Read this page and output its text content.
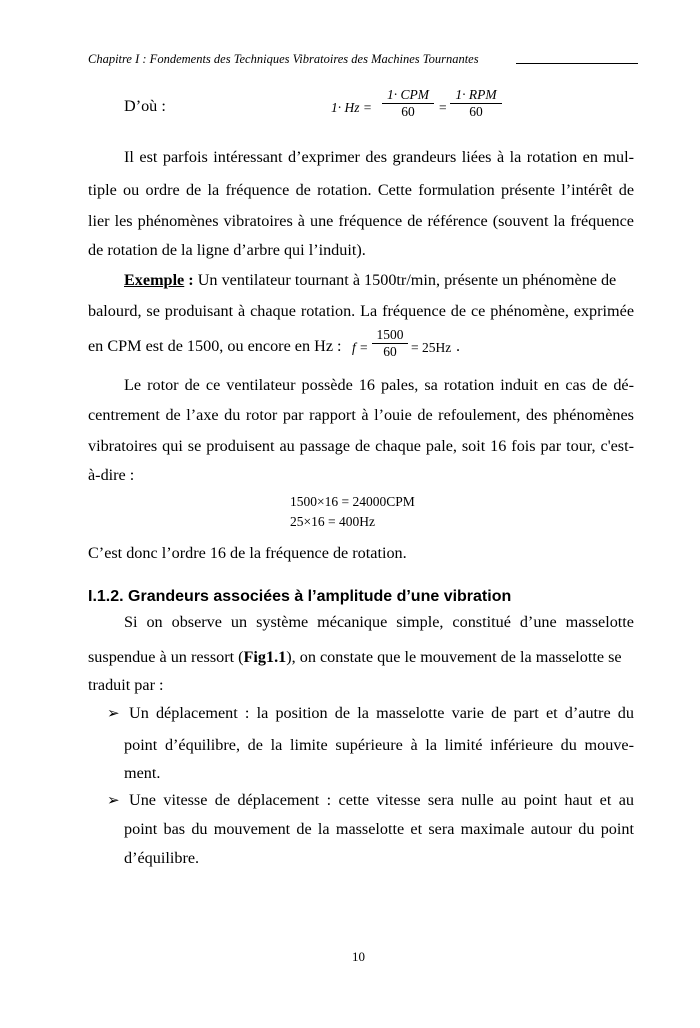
Chapitre I : Fondements des Techniques Vibratoires des Machines Tournantes
D’où :	1· Hz =
1· CPM
60	=
1· RPM
60
Il est parfois intéressant d’exprimer des grandeurs liées à la rotation en mul-
tiple ou ordre de la fréquence de rotation. Cette formulation présente l’intérêt de
lier les phénomènes vibratoires à une fréquence de référence (souvent la fréquence
de rotation de la ligne d’arbre qui l’induit).
Exemple : Un ventilateur tournant à 1500tr/min, présente un phénomène de
balourd, se produisant à chaque rotation. La fréquence de ce phénomène, exprimée
en CPM est de 1500, ou encore en Hz : $f = \frac{1500}{60} = 25Hz$ .
Le rotor de ce ventilateur possède 16 pales, sa rotation induit en cas de dé-
centrement de l’axe du rotor par rapport à l’ouie de refoulement, des phénomènes
vibratoires qui se produisent au passage de chaque pale, soit 16 fois par tour, c'est-
à-dire :
1500×16 = 24000CPM
25×16 = 400Hz
C’est donc l’ordre 16 de la fréquence de rotation.
I.1.2. Grandeurs associées à l’amplitude d’une vibration
Si on observe un système mécanique simple, constitué d’une masselotte
suspendue à un ressort (Fig1.1), on constate que le mouvement de la masselotte se
traduit par :
➢ Un déplacement : la position de la masselotte varie de part et d’autre du
point d’équilibre, de la limite supérieure à la limité inférieure du mouve-
ment.
➢ Une vitesse de déplacement : cette vitesse sera nulle au point haut et au
point bas du mouvement de la masselotte et sera maximale autour du point
d’équilibre.
10
